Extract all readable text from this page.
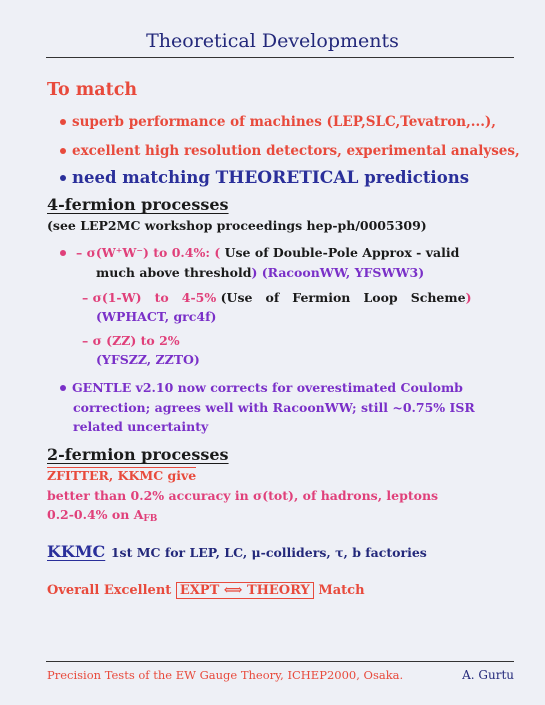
Theoretical Developments
To match
superb performance of machines (LEP,SLC,Tevatron,...),
excellent high resolution detectors, experimental analyses,
need matching THEORETICAL predictions
4-fermion processes
(see LEP2MC workshop proceedings hep-ph/0005309)
– σ(W⁺W⁻) to 0.4%: ( Use of Double-Pole Approx - valid
much above threshold) (RacoonWW, YFSWW3)
– σ(1-W)   to   4-5% (Use   of   Fermion   Loop   Scheme)
(WPHACT, grc4f)
– σ (ZZ) to 2%
(YFSZZ, ZZTO)
GENTLE v2.10 now corrects for overestimated Coulomb
correction; agrees well with RacoonWW; still ~0.75% ISR
related uncertainty
2-fermion processes
ZFITTER, KKMC give
better than 0.2% accuracy in σ(tot), of hadrons, leptons
0.2-0.4% on AFB
KKMC 1st MC for LEP, LC, μ-colliders, τ, b factories
Overall Excellent EXPT ⟺ THEORY Match
Precision Tests of the EW Gauge Theory, ICHEP2000, Osaka.	A. Gurtu
